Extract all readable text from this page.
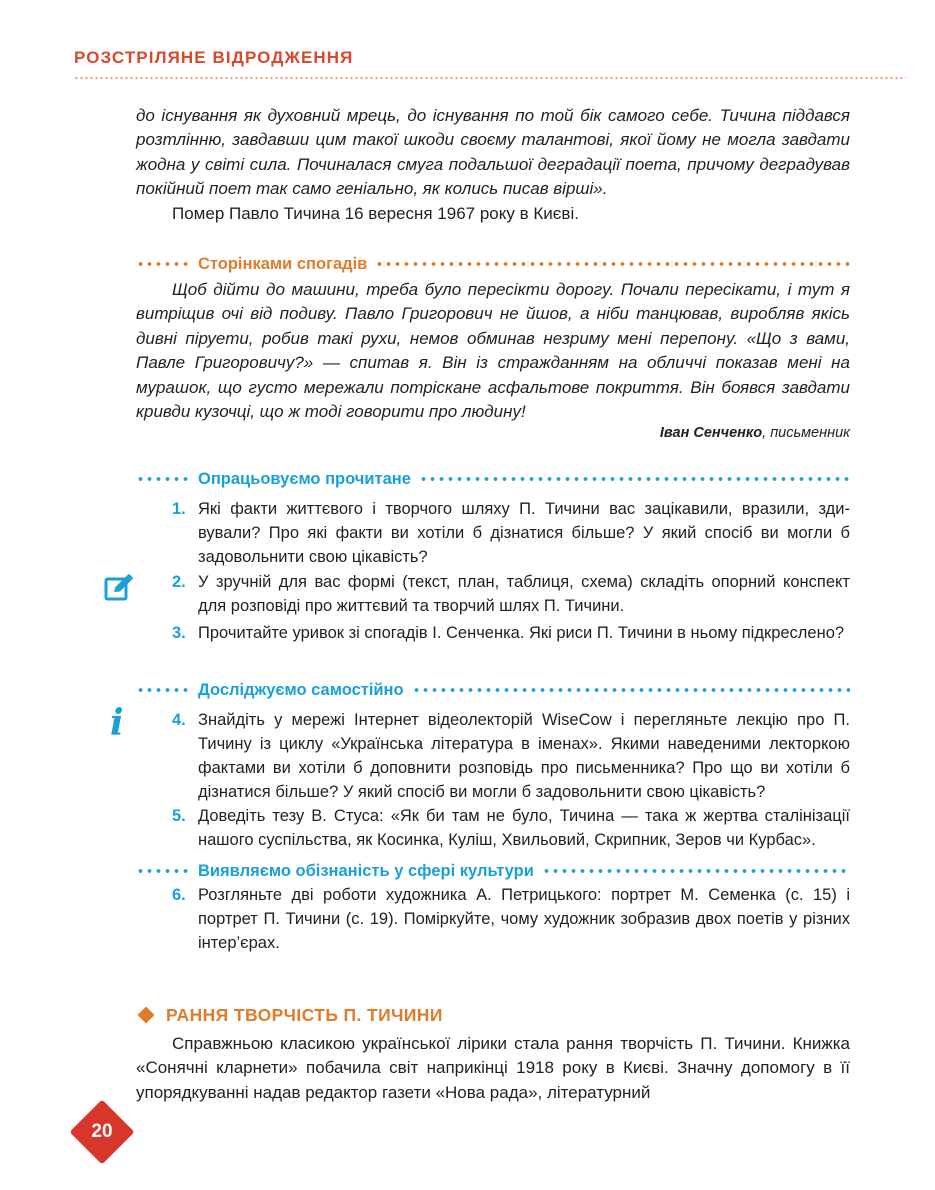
РОЗСТРІЛЯНЕ ВІДРОДЖЕННЯ

до існування як духовний мрець, до існування по той бік самого себе. Тичина піддався розтлінню, завдавши цим такої шкоди своєму талантові, якої йому не могла завдати жодна у світі сила. Починалася смуга подальшої деградації поета, причому деградував покійний поет так само геніально, як колись писав вірші».

Помер Павло Тичина 16 вересня 1967 року в Києві.

Сторінками спогадів

Щоб дійти до машини, треба було пересікти дорогу. Почали пересікати, і тут я витріщив очі від подиву. Павло Григорович не йшов, а ніби танцював, виробляв якісь дивні піруети, робив такі рухи, немов обминав незриму мені перепону. «Що з вами, Павле Григоровичу?» — спитав я. Він із стражданням на обличчі показав мені на мурашок, що густо мережали потріскане асфальтове покриття. Він боявся завдати кривди кузочці, що ж тоді говорити про людину!

Іван Сенченко, письменник
Опрацьовуємо прочитане
1. Які факти життєвого і творчого шляху П. Тичини вас зацікавили, вразили, здивували? Про які факти ви хотіли б дізнатися більше? У який спосіб ви могли б задовольнити свою цікавість?
2. У зручній для вас формі (текст, план, таблиця, схема) складіть опорний конспект для розповіді про життєвий та творчий шлях П. Тичини.
3. Прочитайте уривок зі спогадів І. Сенченка. Які риси П. Тичини в ньому підкреслено?
Досліджуємо самостійно
i	4. Знайдіть у мережі Інтернет відеолекторій WiseCow і перегляньте лекцію про П. Тичину із циклу «Українська література в іменах». Якими наведеними лекторкою фактами ви хотіли б доповнити розповідь про письменника? Про що ви хотіли б дізнатися більше? У який спосіб ви могли б задовольнити свою цікавість?
5. Доведіть тезу В. Стуса: «Як би там не було, Тичина — така ж жертва сталінізації нашого суспільства, як Косинка, Куліш, Хвильовий, Скрипник, Зеров чи Курбас».
Виявляємо обізнаність у сфері культури
6. Розгляньте дві роботи художника А. Петрицького: портрет М. Семенка (с. 15) і портрет П. Тичини (с. 19). Поміркуйте, чому художник зобразив двох поетів у різних інтер’єрах.
РАННЯ ТВОРЧІСТЬ П. ТИЧИНИ

Справжньою класикою української лірики стала рання творчість П. Тичини. Книжка «Сонячні кларнети» побачила світ наприкінці 1918 року в Києві. Значну допомогу в її упорядкуванні надав редактор газети «Нова рада», літературний

20
